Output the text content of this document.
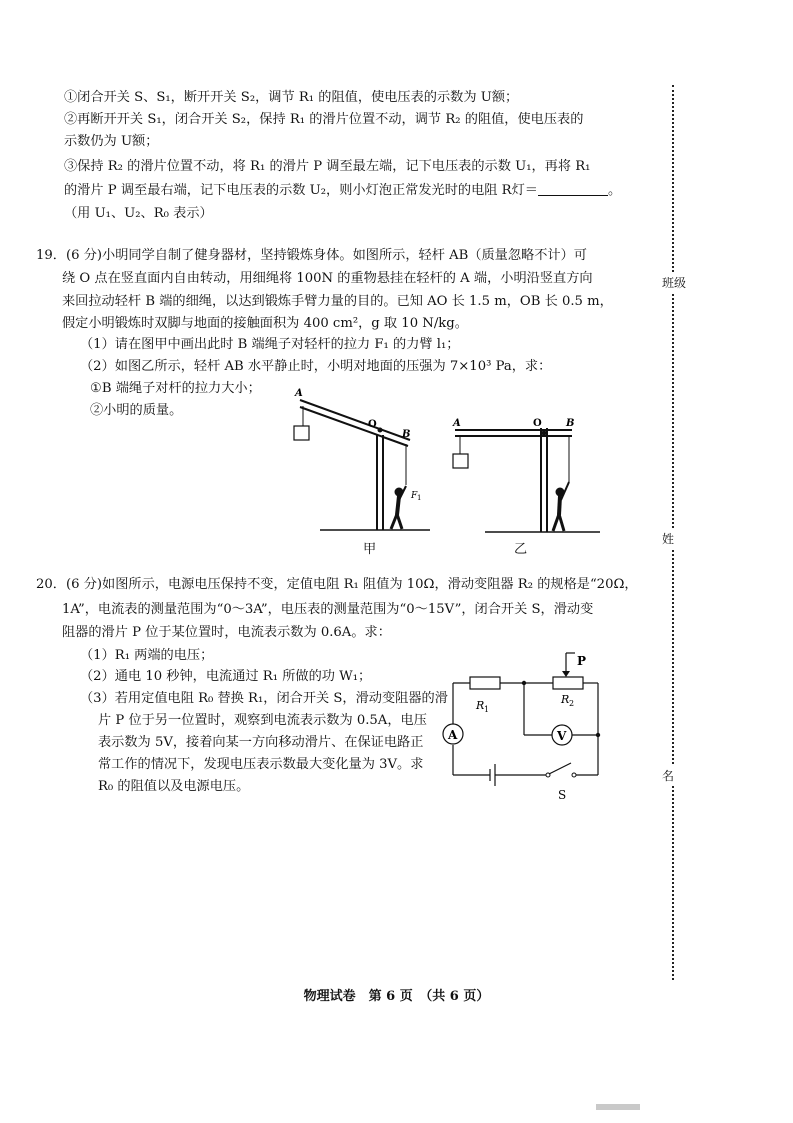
①闭合开关 S、S₁，断开开关 S₂，调节 R₁ 的阻值，使电压表的示数为 U额；
②再断开开关 S₁，闭合开关 S₂，保持 R₁ 的滑片位置不动，调节 R₂ 的阻值，使电压表的
示数仍为 U额；
③保持 R₂ 的滑片位置不动，将 R₁ 的滑片 P 调至最左端，记下电压表的示数 U₁，再将 R₁
的滑片 P 调至最右端，记下电压表的示数 U₂，则小灯泡正常发光时的电阻 R灯＝	。
（用 U₁、U₂、R₀ 表示）
19．(6 分)小明同学自制了健身器材，坚持锻炼身体。如图所示，轻杆 AB（质量忽略不计）可
绕 O 点在竖直面内自由转动，用细绳将 100N 的重物悬挂在轻杆的 A 端，小明沿竖直方向
来回拉动轻杆 B 端的细绳，以达到锻炼手臂力量的目的。已知 AO 长 1.5 m，OB 长 0.5 m，
假定小明锻炼时双脚与地面的接触面积为 400 cm²，g 取 10 N/kg。
（1）请在图甲中画出此时 B 端绳子对轻杆的拉力 F₁ 的力臂 l₁；
（2）如图乙所示，轻杆 AB 水平静止时，小明对地面的压强为 7×10³ Pa，求：
①B 端绳子对杆的拉力大小；
②小明的质量。
O
A
B
F 1
甲
O
A	B
乙
20．(6 分)如图所示，电源电压保持不变，定值电阻 R₁ 阻值为 10Ω，滑动变阻器 R₂ 的规格是“20Ω，
1A”，电流表的测量范围为“0～3A”，电压表的测量范围为“0～15V”，闭合开关 S，滑动变
阻器的滑片 P 位于某位置时，电流表示数为 0.6A。求：
（1）R₁ 两端的电压；
（2）通电 10 秒钟，电流通过 R₁ 所做的功 W₁；
（3）若用定值电阻 R₀ 替换 R₁，闭合开关 S，滑动变阻器的滑
片 P 位于另一位置时，观察到电流表示数为 0.5A，电压
表示数为 5V，接着向某一方向移动滑片、在保证电路正
常工作的情况下，发现电压表示数最大变化量为 3V。求
R₀ 的阻值以及电源电压。
A
R 1
R 2
P
V
S
班级
姓
名
物理试卷　第 6 页　（共 6 页）
